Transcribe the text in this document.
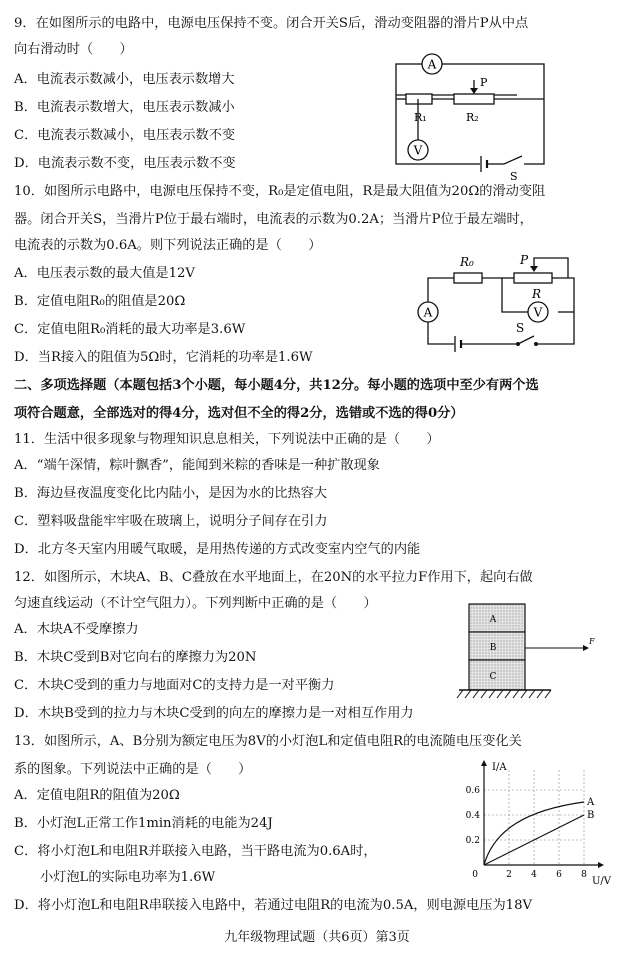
9．在如图所示的电路中，电源电压保持不变。闭合开关S后，滑动变阻器的滑片P从中点
向右滑动时（　　）
A．电流表示数减小，电压表示数增大
B．电流表示数增大，电压表示数减小
C．电流表示数减小，电压表示数不变
D．电流表示数不变，电压表示数不变
A
R₁
P
R₂
V
S
10．如图所示电路中，电源电压保持不变，R₀是定值电阻，R是最大阻值为20Ω的滑动变阻
器。闭合开关S，当滑片P位于最右端时，电流表的示数为0.2A；当滑片P位于最左端时，
电流表的示数为0.6A。则下列说法正确的是（　　）
A．电压表示数的最大值是12V
B．定值电阻R₀的阻值是20Ω
C．定值电阻R₀消耗的最大功率是3.6W
D．当R接入的阻值为5Ω时，它消耗的功率是1.6W
R₀	P
R
A	V
S
二、多项选择题（本题包括3个小题，每小题4分，共12分。每小题的选项中至少有两个选
项符合题意，全部选对的得4分，选对但不全的得2分，选错或不选的得0分）
11．生活中很多现象与物理知识息息相关，下列说法中正确的是（　　）
A．“端午深情，粽叶飘香”，能闻到米粽的香味是一种扩散现象
B．海边昼夜温度变化比内陆小，是因为水的比热容大
C．塑料吸盘能牢牢吸在玻璃上，说明分子间存在引力
D．北方冬天室内用暖气取暖，是用热传递的方式改变室内空气的内能
12．如图所示，木块A、B、C叠放在水平地面上，在20N的水平拉力F作用下，起向右做
匀速直线运动（不计空气阻力）。下列判断中正确的是（　　）
A．木块A不受摩擦力
B．木块C受到B对它向右的摩擦力为20N
C．木块C受到的重力与地面对C的支持力是一对平衡力
D．木块B受到的拉力与木块C受到的向左的摩擦力是一对相互作用力
A
B
C
F
13．如图所示，A、B分别为额定电压为8V的小灯泡L和定值电阻R的电流随电压变化关
系的图象。下列说法中正确的是（　　）
A．定值电阻R的阻值为20Ω
B．小灯泡L正常工作1min消耗的电能为24J
C．将小灯泡L和电阻R并联接入电路，当干路电流为0.6A时，
小灯泡L的实际电功率为1.6W
D．将小灯泡L和电阻R串联接入电路中，若通过电阻R的电流为0.5A，则电源电压为18V
I/A
U/V
0
0.6
0.4
0.2
2 4 6 8
A
B
九年级物理试题（共6页）第3页
